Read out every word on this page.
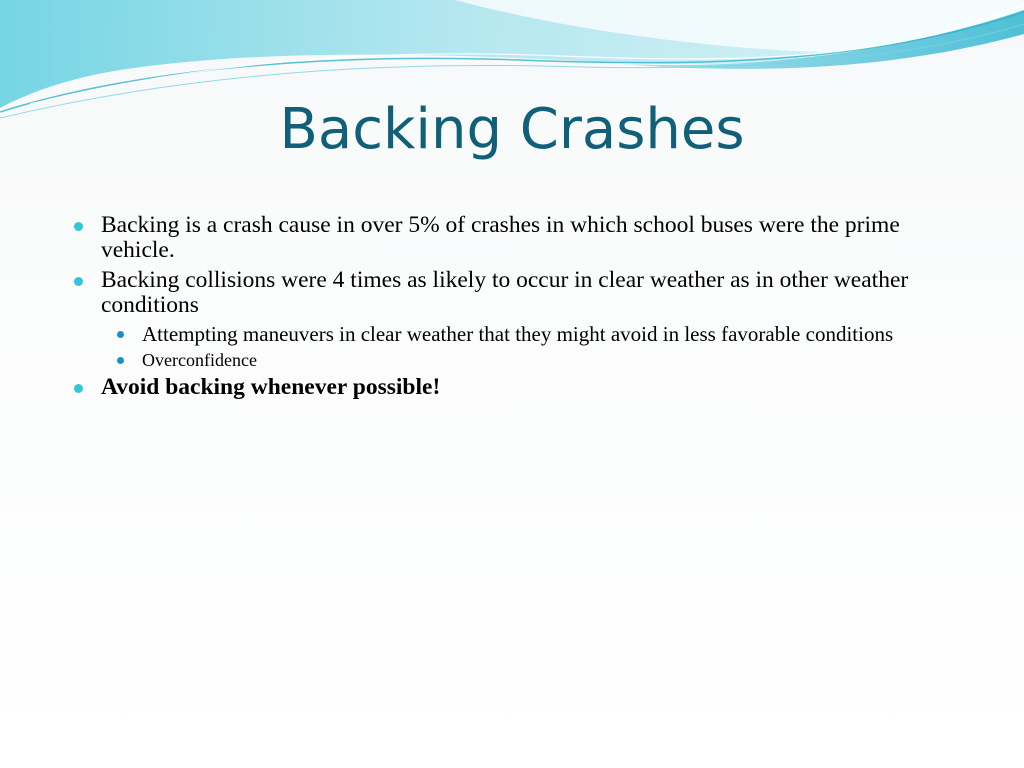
Backing Crashes
Backing is a crash cause in over 5% of crashes in which school buses were the prime vehicle.
Backing collisions were 4 times as likely to occur in clear weather as in other weather conditions
Attempting maneuvers in clear weather that they might avoid in less favorable conditions
Overconfidence
Avoid backing whenever possible!
